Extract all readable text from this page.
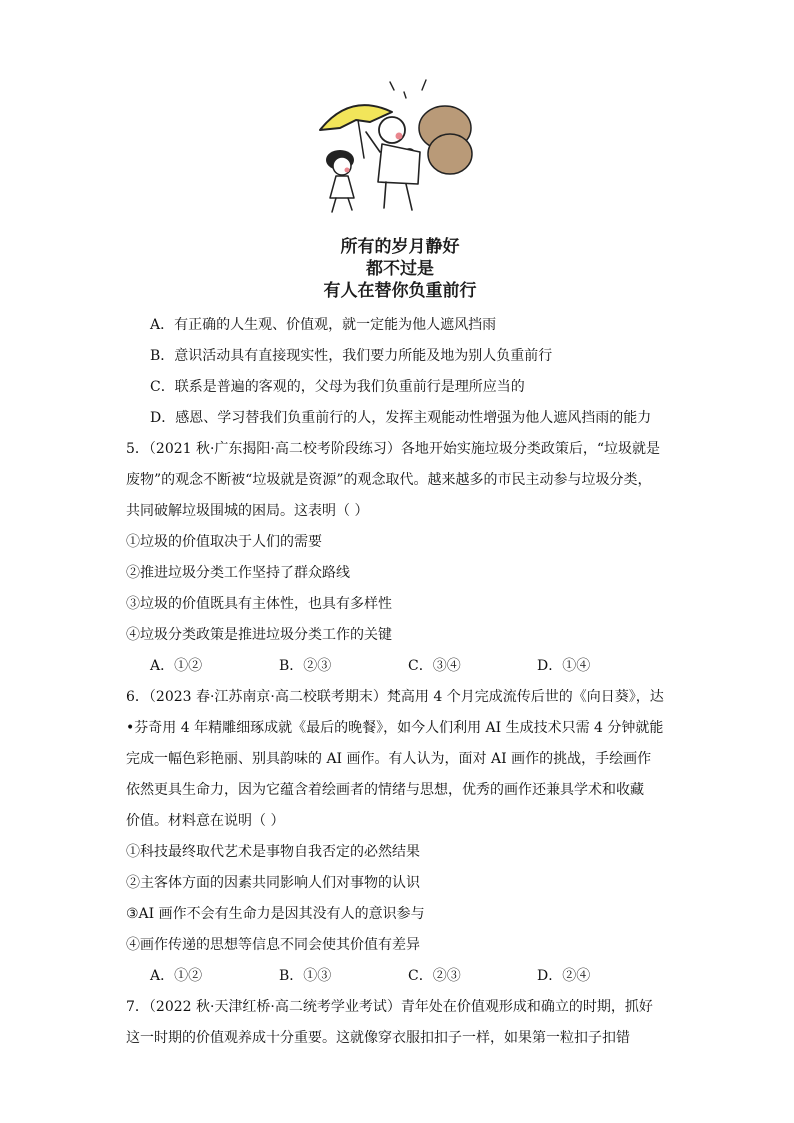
所有的岁月静好
都不过是
有人在替你负重前行
A．有正确的人生观、价值观，就一定能为他人遮风挡雨
B．意识活动具有直接现实性，我们要力所能及地为别人负重前行
C．联系是普遍的客观的，父母为我们负重前行是理所应当的
D．感恩、学习替我们负重前行的人，发挥主观能动性增强为他人遮风挡雨的能力
5．（2021 秋·广东揭阳·高二校考阶段练习）各地开始实施垃圾分类政策后，“垃圾就是
废物”的观念不断被“垃圾就是资源”的观念取代。越来越多的市民主动参与垃圾分类，
共同破解垃圾围城的困局。这表明（ ）
①垃圾的价值取决于人们的需要
②推进垃圾分类工作坚持了群众路线
③垃圾的价值既具有主体性，也具有多样性
④垃圾分类政策是推进垃圾分类工作的关键
A．①②	B．②③	C．③④	D．①④
6．（2023 春·江苏南京·高二校联考期末）梵高用 4 个月完成流传后世的《向日葵》，达
•芬奇用 4 年精雕细琢成就《最后的晚餐》，如今人们利用 AI 生成技术只需 4 分钟就能
完成一幅色彩艳丽、别具韵味的 AI 画作。有人认为，面对 AI 画作的挑战，手绘画作
依然更具生命力，因为它蕴含着绘画者的情绪与思想，优秀的画作还兼具学术和收藏
价值。材料意在说明（ ）
①科技最终取代艺术是事物自我否定的必然结果
②主客体方面的因素共同影响人们对事物的认识
③AI 画作不会有生命力是因其没有人的意识参与
④画作传递的思想等信息不同会使其价值有差异
A．①②	B．①③	C．②③	D．②④
7．（2022 秋·天津红桥·高二统考学业考试）青年处在价值观形成和确立的时期，抓好
这一时期的价值观养成十分重要。这就像穿衣服扣扣子一样，如果第一粒扣子扣错
